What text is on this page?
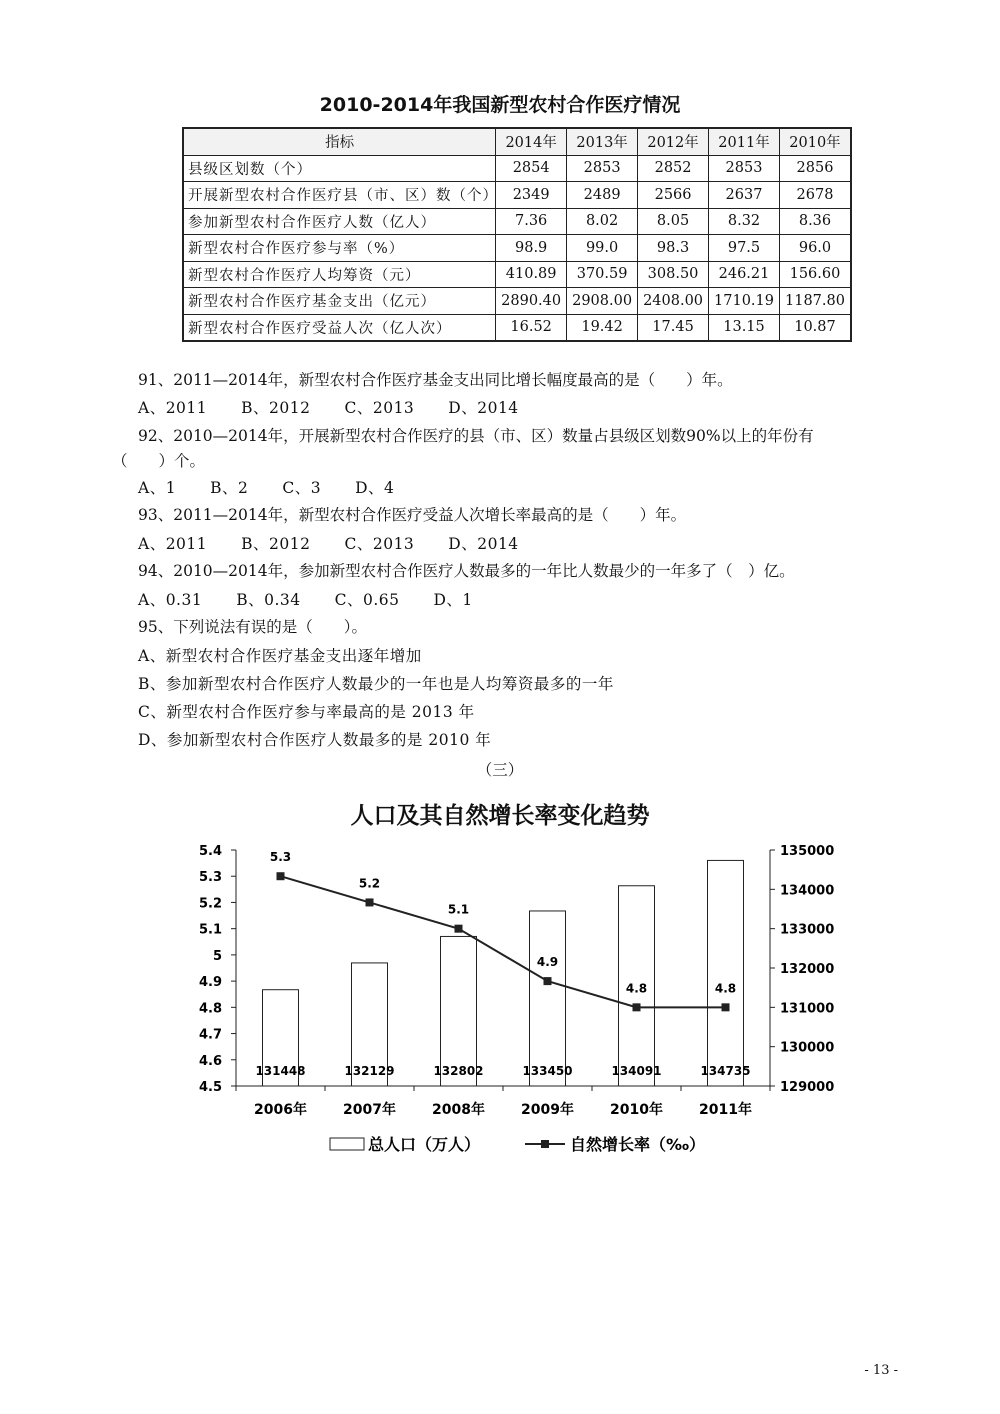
2010-2014年我国新型农村合作医疗情况
指标	2014年	2013年	2012年	2011年	2010年
县级区划数（个）	2854	2853	2852	2853	2856
开展新型农村合作医疗县（市、区）数（个）	2349	2489	2566	2637	2678
参加新型农村合作医疗人数（亿人）	7.36	8.02	8.05	8.32	8.36
新型农村合作医疗参与率（%）	98.9	99.0	98.3	97.5	96.0
新型农村合作医疗人均筹资（元）	410.89	370.59	308.50	246.21	156.60
新型农村合作医疗基金支出（亿元）	2890.40	2908.00	2408.00	1710.19	1187.80
新型农村合作医疗受益人次（亿人次）	16.52	19.42	17.45	13.15	10.87
91、2011—2014年，新型农村合作医疗基金支出同比增长幅度最高的是（　　）年。
A、2011 B、2012 C、2013 D、2014
92、2010—2014年，开展新型农村合作医疗的县（市、区）数量占县级区划数90%以上的年份有
（　　）个。
A、1 B、2 C、3 D、4
93、2011—2014年，新型农村合作医疗受益人次增长率最高的是（　　）年。
A、2011 B、2012 C、2013 D、2014
94、2010—2014年，参加新型农村合作医疗人数最多的一年比人数最少的一年多了（　）亿。
A、0.31 B、0.34 C、0.65 D、1
95、下列说法有误的是（　　）。
A、新型农村合作医疗基金支出逐年增加
B、参加新型农村合作医疗人数最少的一年也是人均筹资最多的一年
C、新型农村合作医疗参与率最高的是 2013 年
D、参加新型农村合作医疗人数最多的是 2010 年
（三）
人口及其自然增长率变化趋势
5.4
5.3
5.2
5.1
5
4.9
4.8
4.7
4.6
4.5
135000
134000
133000
132000
131000
130000
129000
131448	132129	132802	133450	134091	134735
5.3
5.2
5.1
4.9
4.8	4.8
2006年	2007年	2008年	2009年	2010年	2011年
总人口（万人）	自然增长率（‰）
- 13 -
